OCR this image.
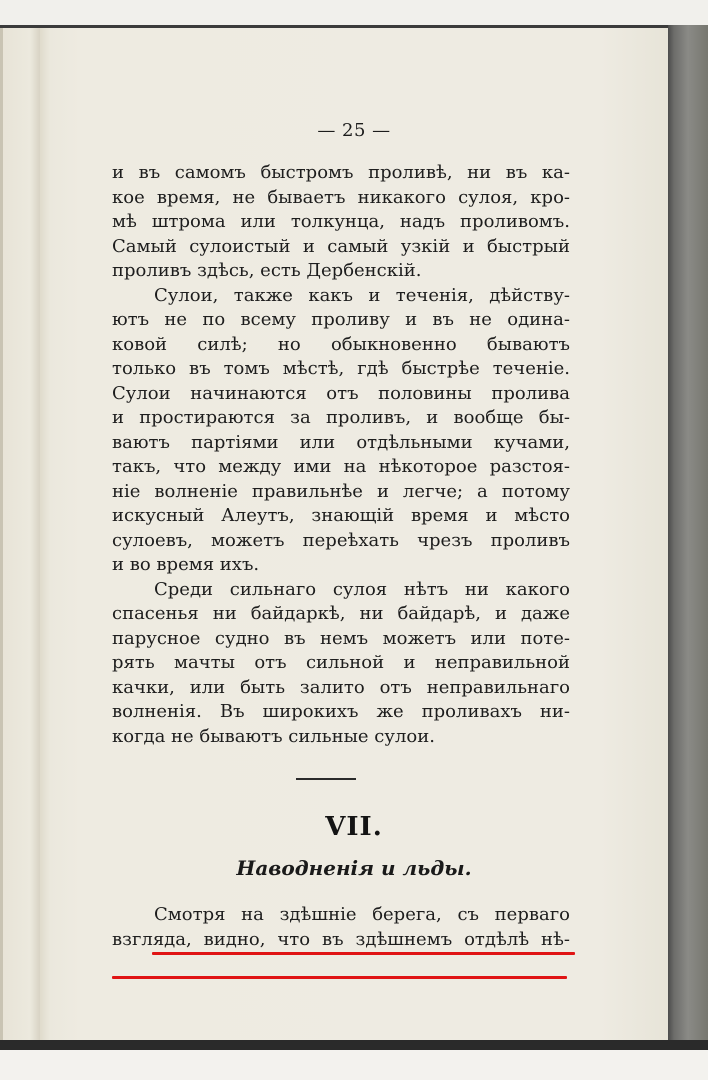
— 25 —
и въ самомъ быстромъ проливѣ, ни въ ка-
кое время, не бываетъ никакого сулоя, кро-
мѣ штрома или толкунца, надъ проливомъ.
Самый сулоистый и самый узкій и быстрый
проливъ здѣсь, есть Дербенскій.
Сулои, также какъ и теченія, дѣйству-
ютъ не по всему проливу и въ не одина-
ковой силѣ; но обыкновенно бываютъ
только въ томъ мѣстѣ, гдѣ быстрѣе теченіе.
Сулои начинаются отъ половины пролива
и простираются за проливъ, и вообще бы-
ваютъ партіями или отдѣльными кучами,
такъ, что между ими на нѣкоторое разстоя-
ніе волненіе правильнѣе и легче; а потому
искусный Алеутъ, знающій время и мѣсто
сулоевъ, можетъ переѣхать чрезъ проливъ
и во время ихъ.
Среди сильнаго сулоя нѣтъ ни какого
спасенья ни байдаркѣ, ни байдарѣ, и даже
парусное судно въ немъ можетъ или поте-
рять мачты отъ сильной и неправильной
качки, или быть залито отъ неправильнаго
волненія. Въ широкихъ же проливахъ ни-
когда не бываютъ сильные сулои.
VII.
Наводненія и льды.
Смотря на здѣшніе берега, съ перваго
взгляда, видно, что въ здѣшнемъ отдѣлѣ нѣ-
